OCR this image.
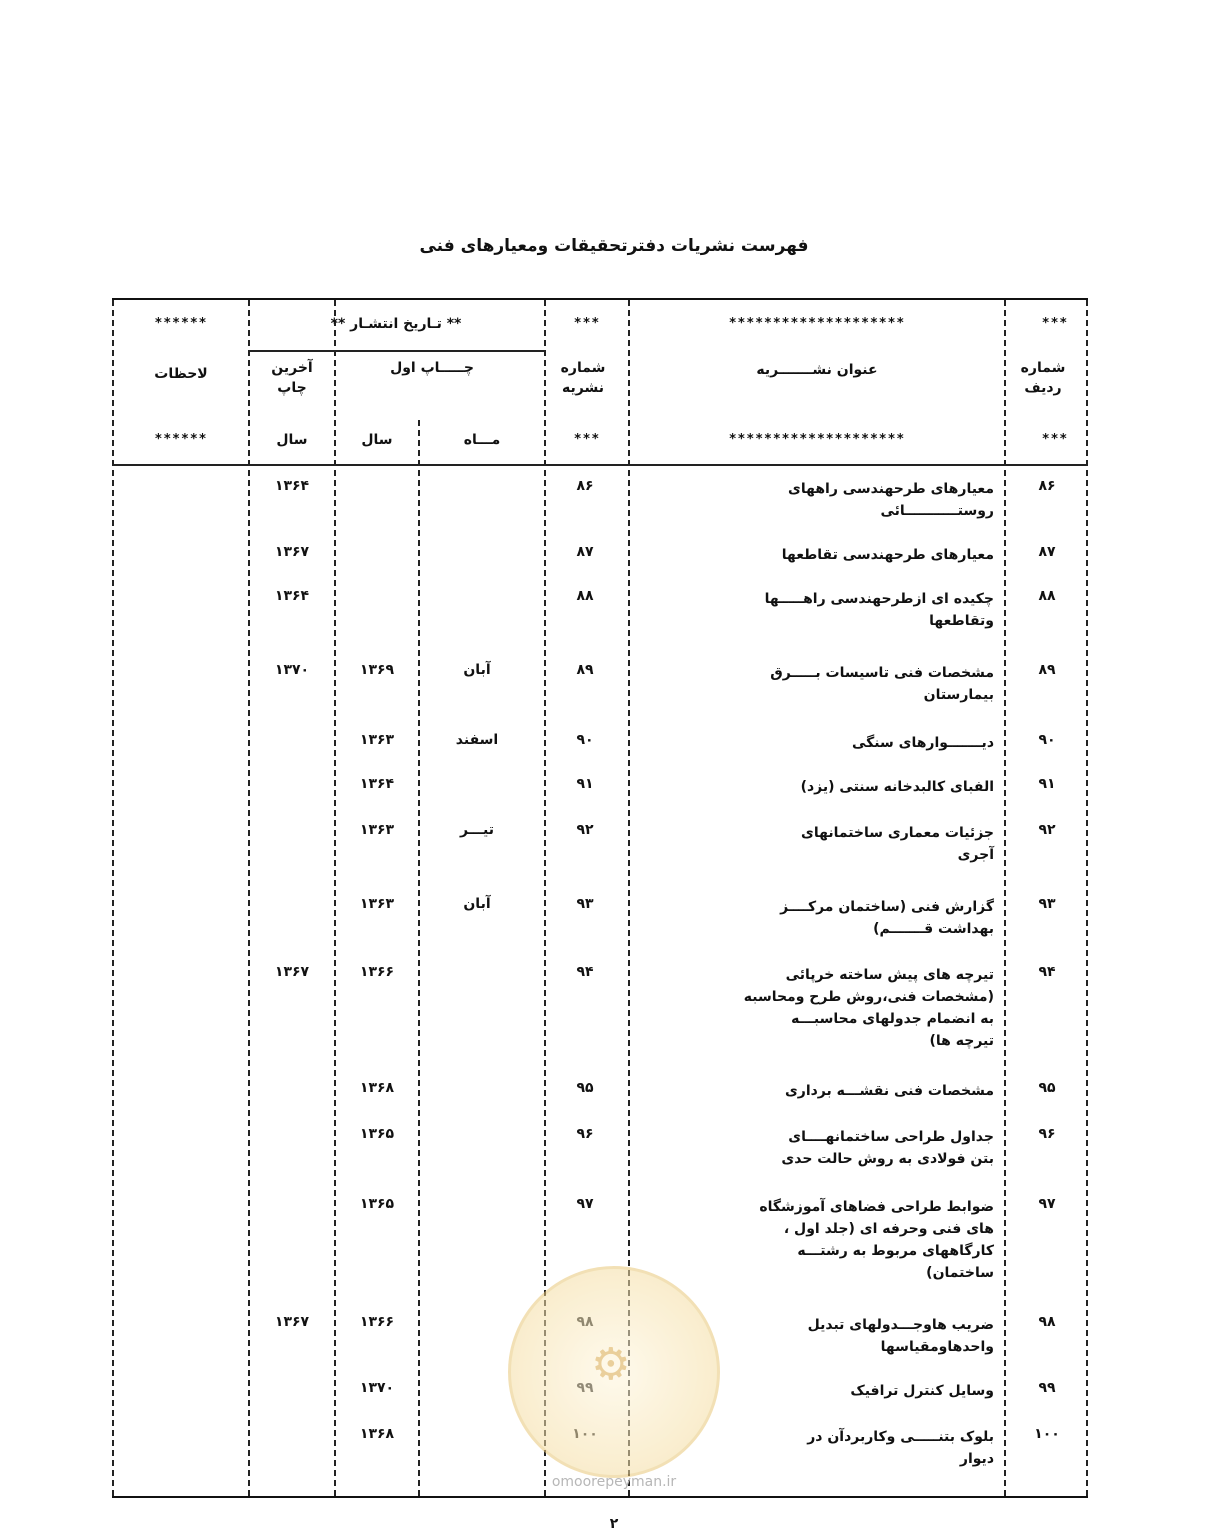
فهرست نشریات دفترتحقیقات ومعیارهای فنی
***
********************
***
** تـاریخ انتشـار **
******
شماره ردیف
عنوان نشـــــــریه
شماره نشریه
چـــــاپ اول
آخرین چاپ
لاحظات
***
********************
***
مـــاه
سال
سال
******
۸۶
معیارهای طرحهندسی راههای
روستـــــــــــائی
۸۶
۱۳۶۴
۸۷
معیارهای طرحهندسی تقاطعها
۸۷
۱۳۶۷
۸۸
چکیده ای ازطرحهندسی راهـــــها
وتقاطعها
۸۸
۱۳۶۴
۸۹
مشخصات فنی تاسیسات بـــــرق
بیمارستان
۸۹
آبان
۱۳۶۹
۱۳۷۰
۹۰
دیـــــــوارهای سنگی
۹۰
اسفند
۱۳۶۳
۹۱
الفبای کالبدخانه سنتی (یزد)
۹۱
۱۳۶۴
۹۲
جزئیات معماری ساختمانهای
آجری
۹۲
تیـــر
۱۳۶۳
۹۳
گزارش فنی (ساختمان مرکــــز
بهداشت قـــــــم)
۹۳
آبان
۱۳۶۳
۹۴
تیرچه های پیش ساخته خرپائی
(مشخصات فنی،روش طرح ومحاسبه
به انضمام جدولهای محاسبـــه
تیرچه ها)
۹۴
۱۳۶۶
۱۳۶۷
۹۵
مشخصات فنی نقشـــه برداری
۹۵
۱۳۶۸
۹۶
جداول طراحی ساختمانهــــای
بتن فولادی به روش حالت حدی
۹۶
۱۳۶۵
۹۷
ضوابط طراحی فضاهای آموزشگاه
های فنی وحرفه ای (جلد اول ،
کارگاههای مربوط به رشتـــه
ساختمان)
۹۷
۱۳۶۵
۹۸
ضریب هاوجـــدولهای تبدیل
واحدهاومقیاسها
۱۳۶۶
۱۳۶۷
۹۹
وسایل کنترل ترافیک
۱۳۷۰
۱۰۰
بلوک بتنـــــی وکاربردآن در
دیوار
۱۳۶۸
⚙
omoorepeyman.ir
۲
